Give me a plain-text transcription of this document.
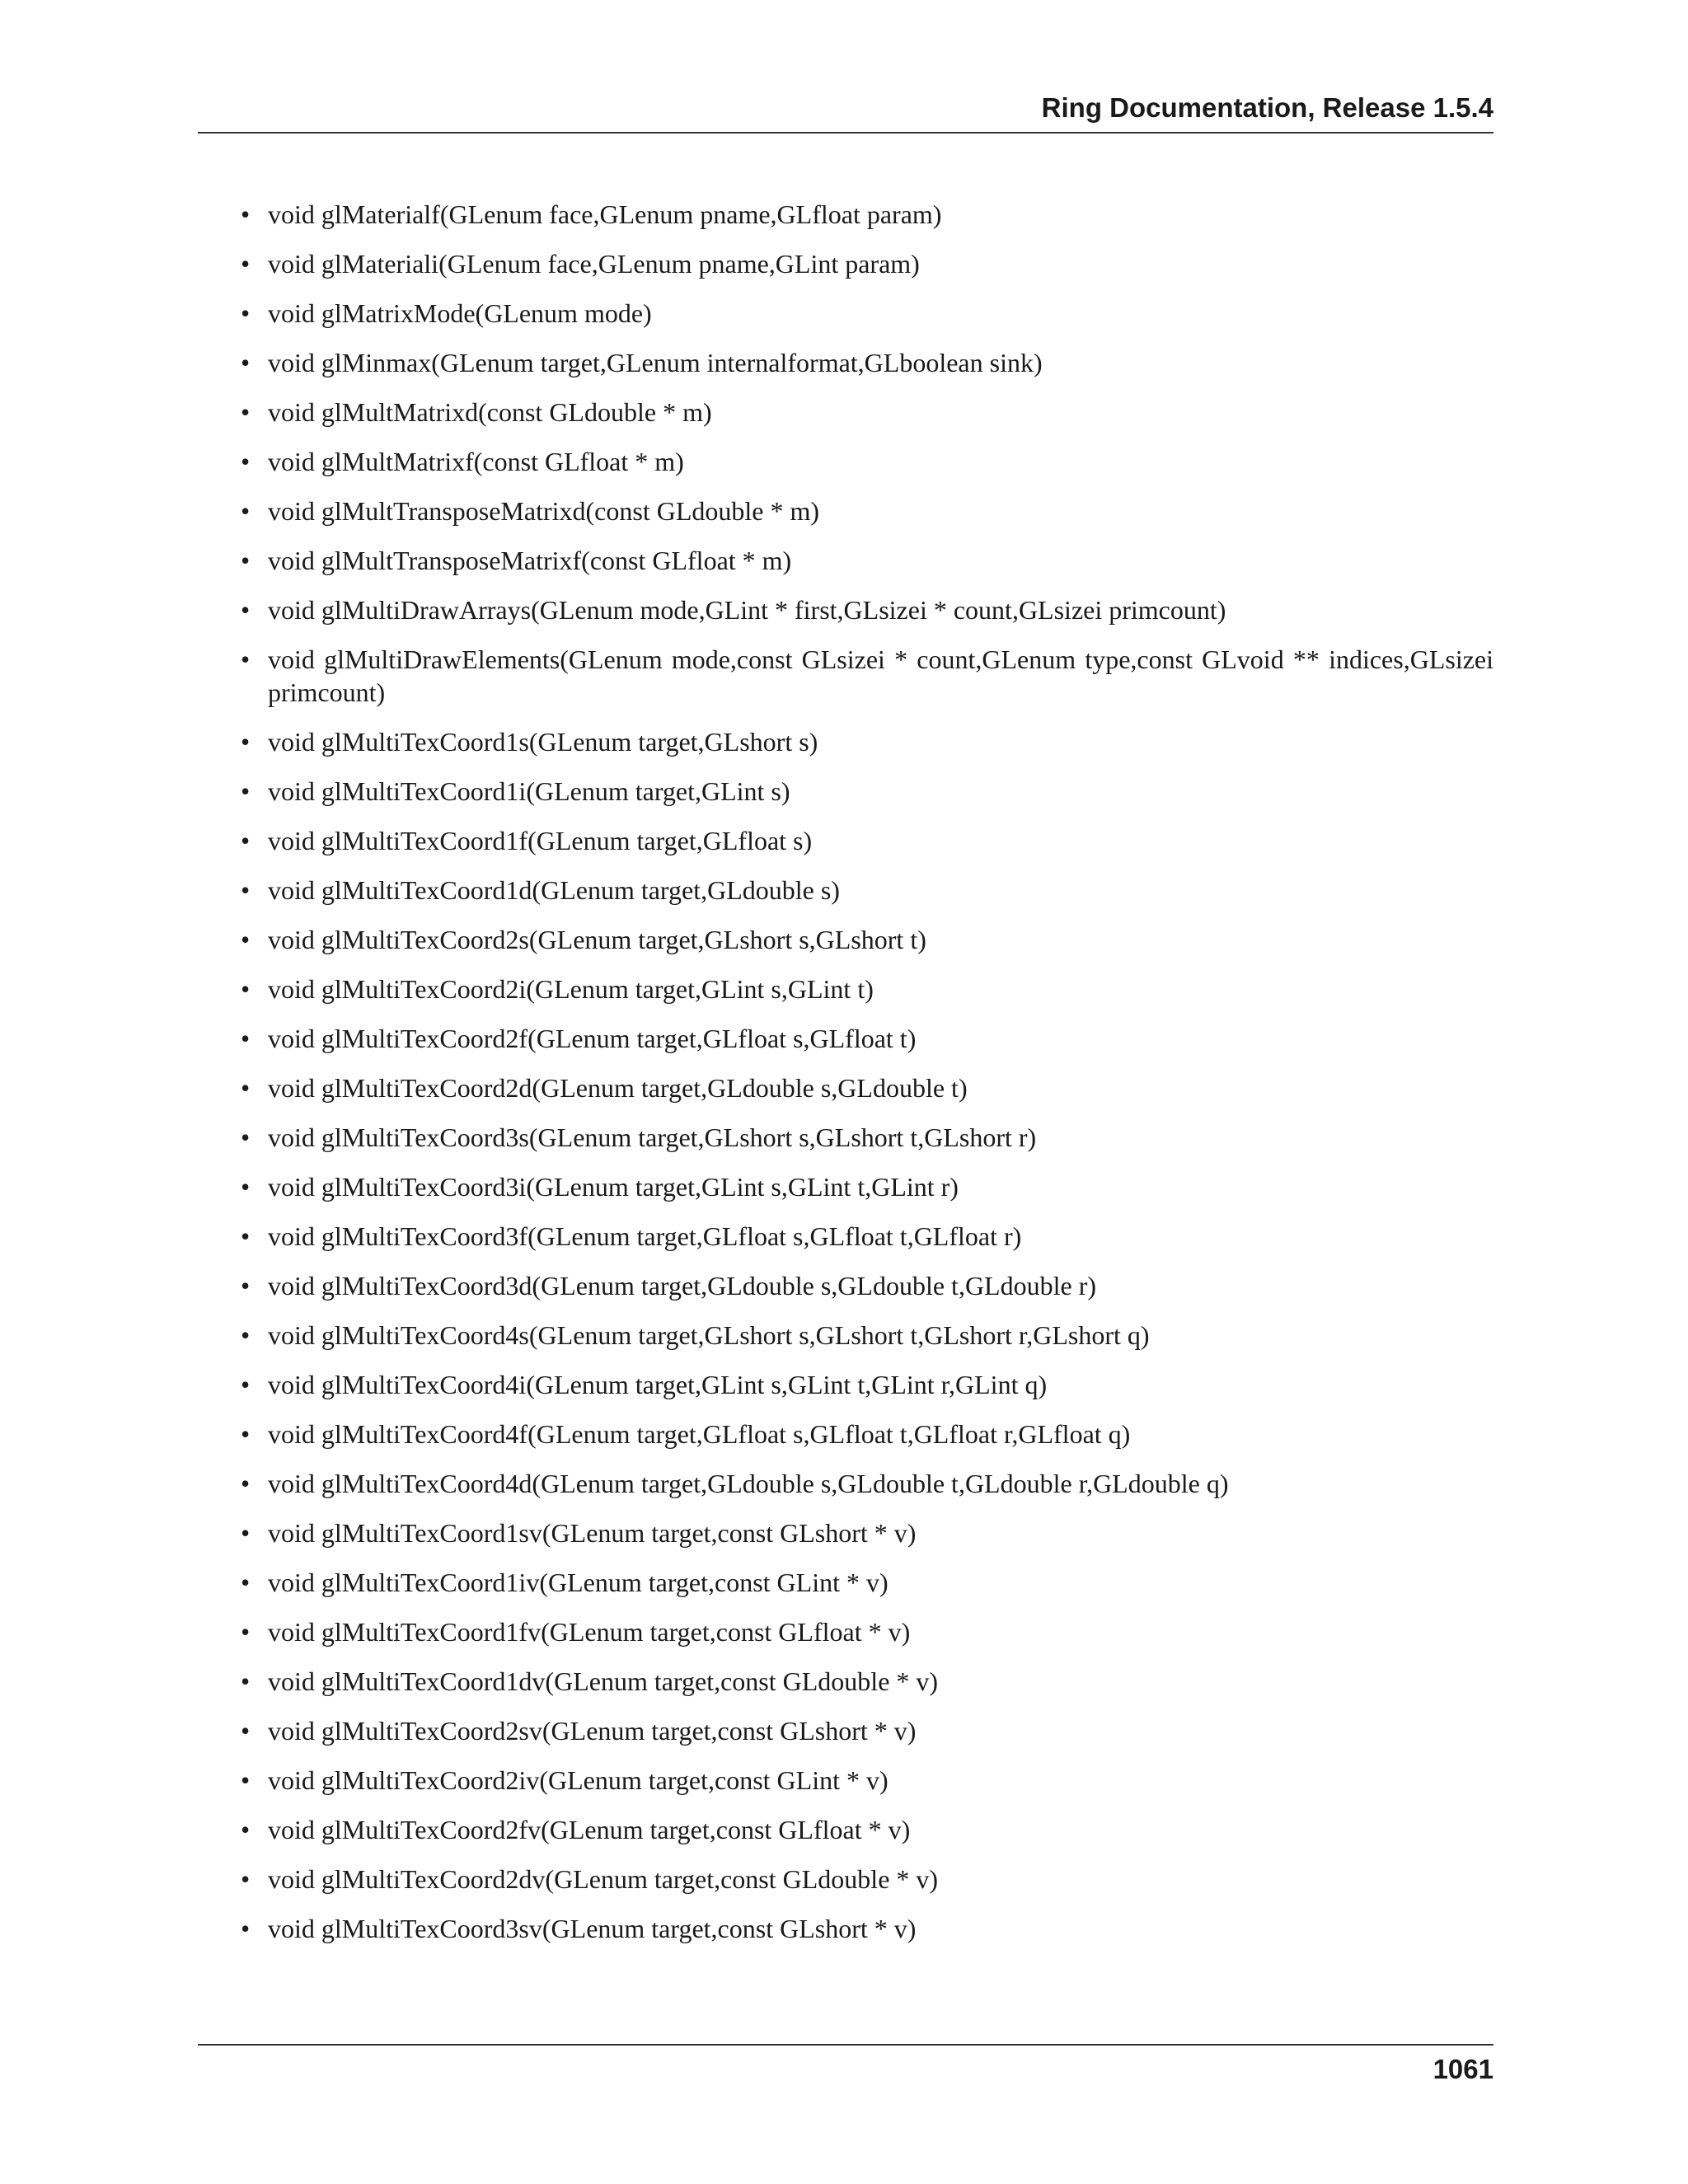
Ring Documentation, Release 1.5.4
• void glMaterialf(GLenum face,GLenum pname,GLfloat param)
• void glMateriali(GLenum face,GLenum pname,GLint param)
• void glMatrixMode(GLenum mode)
• void glMinmax(GLenum target,GLenum internalformat,GLboolean sink)
• void glMultMatrixd(const GLdouble * m)
• void glMultMatrixf(const GLfloat * m)
• void glMultTransposeMatrixd(const GLdouble * m)
• void glMultTransposeMatrixf(const GLfloat * m)
• void glMultiDrawArrays(GLenum mode,GLint * first,GLsizei * count,GLsizei primcount)
• void glMultiDrawElements(GLenum mode,const GLsizei * count,GLenum type,const GLvoid ** indices,GLsizei primcount)
• void glMultiTexCoord1s(GLenum target,GLshort s)
• void glMultiTexCoord1i(GLenum target,GLint s)
• void glMultiTexCoord1f(GLenum target,GLfloat s)
• void glMultiTexCoord1d(GLenum target,GLdouble s)
• void glMultiTexCoord2s(GLenum target,GLshort s,GLshort t)
• void glMultiTexCoord2i(GLenum target,GLint s,GLint t)
• void glMultiTexCoord2f(GLenum target,GLfloat s,GLfloat t)
• void glMultiTexCoord2d(GLenum target,GLdouble s,GLdouble t)
• void glMultiTexCoord3s(GLenum target,GLshort s,GLshort t,GLshort r)
• void glMultiTexCoord3i(GLenum target,GLint s,GLint t,GLint r)
• void glMultiTexCoord3f(GLenum target,GLfloat s,GLfloat t,GLfloat r)
• void glMultiTexCoord3d(GLenum target,GLdouble s,GLdouble t,GLdouble r)
• void glMultiTexCoord4s(GLenum target,GLshort s,GLshort t,GLshort r,GLshort q)
• void glMultiTexCoord4i(GLenum target,GLint s,GLint t,GLint r,GLint q)
• void glMultiTexCoord4f(GLenum target,GLfloat s,GLfloat t,GLfloat r,GLfloat q)
• void glMultiTexCoord4d(GLenum target,GLdouble s,GLdouble t,GLdouble r,GLdouble q)
• void glMultiTexCoord1sv(GLenum target,const GLshort * v)
• void glMultiTexCoord1iv(GLenum target,const GLint * v)
• void glMultiTexCoord1fv(GLenum target,const GLfloat * v)
• void glMultiTexCoord1dv(GLenum target,const GLdouble * v)
• void glMultiTexCoord2sv(GLenum target,const GLshort * v)
• void glMultiTexCoord2iv(GLenum target,const GLint * v)
• void glMultiTexCoord2fv(GLenum target,const GLfloat * v)
• void glMultiTexCoord2dv(GLenum target,const GLdouble * v)
• void glMultiTexCoord3sv(GLenum target,const GLshort * v)
1061
